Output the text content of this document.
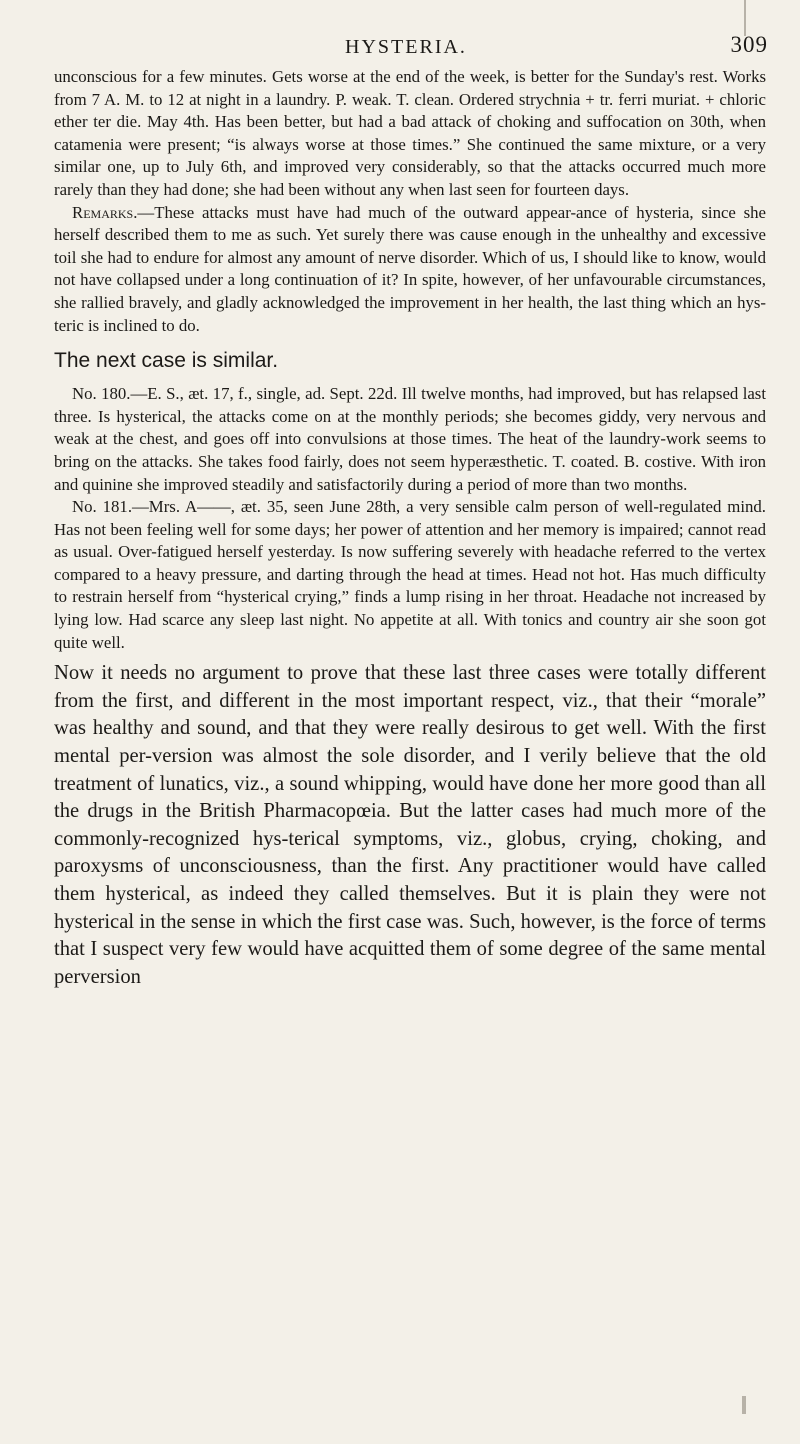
HYSTERIA.	309

unconscious for a few minutes. Gets worse at the end of the week, is better for the Sunday's rest. Works from 7 A. M. to 12 at night in a laundry. P. weak. T. clean. Ordered strychnia + tr. ferri muriat. + chloric ether ter die. May 4th. Has been better, but had a bad attack of choking and suffocation on 30th, when catamenia were present; “is always worse at those times.” She continued the same mixture, or a very similar one, up to July 6th, and improved very considerably, so that the attacks occurred much more rarely than they had done; she had been without any when last seen for fourteen days.

Remarks.—These attacks must have had much of the outward appear-ance of hysteria, since she herself described them to me as such. Yet surely there was cause enough in the unhealthy and excessive toil she had to endure for almost any amount of nerve disorder. Which of us, I should like to know, would not have collapsed under a long continuation of it? In spite, however, of her unfavourable circumstances, she rallied bravely, and gladly acknowledged the improvement in her health, the last thing which an hys-teric is inclined to do.

The next case is similar.

No. 180.—E. S., æt. 17, f., single, ad. Sept. 22d. Ill twelve months, had improved, but has relapsed last three. Is hysterical, the attacks come on at the monthly periods; she becomes giddy, very nervous and weak at the chest, and goes off into convulsions at those times. The heat of the laundry-work seems to bring on the attacks. She takes food fairly, does not seem hyperæsthetic. T. coated. B. costive. With iron and quinine she improved steadily and satisfactorily during a period of more than two months.

No. 181.—Mrs. A——, æt. 35, seen June 28th, a very sensible calm person of well-regulated mind. Has not been feeling well for some days; her power of attention and her memory is impaired; cannot read as usual. Over-fatigued herself yesterday. Is now suffering severely with headache referred to the vertex compared to a heavy pressure, and darting through the head at times. Head not hot. Has much difficulty to restrain herself from “hysterical crying,” finds a lump rising in her throat. Headache not increased by lying low. Had scarce any sleep last night. No appetite at all. With tonics and country air she soon got quite well.

Now it needs no argument to prove that these last three cases were totally different from the first, and different in the most important respect, viz., that their “morale” was healthy and sound, and that they were really desirous to get well. With the first mental per-version was almost the sole disorder, and I verily believe that the old treatment of lunatics, viz., a sound whipping, would have done her more good than all the drugs in the British Pharmacopœia. But the latter cases had much more of the commonly-recognized hys-terical symptoms, viz., globus, crying, choking, and paroxysms of unconsciousness, than the first. Any practitioner would have called them hysterical, as indeed they called themselves. But it is plain they were not hysterical in the sense in which the first case was. Such, however, is the force of terms that I suspect very few would have acquitted them of some degree of the same mental perversion
